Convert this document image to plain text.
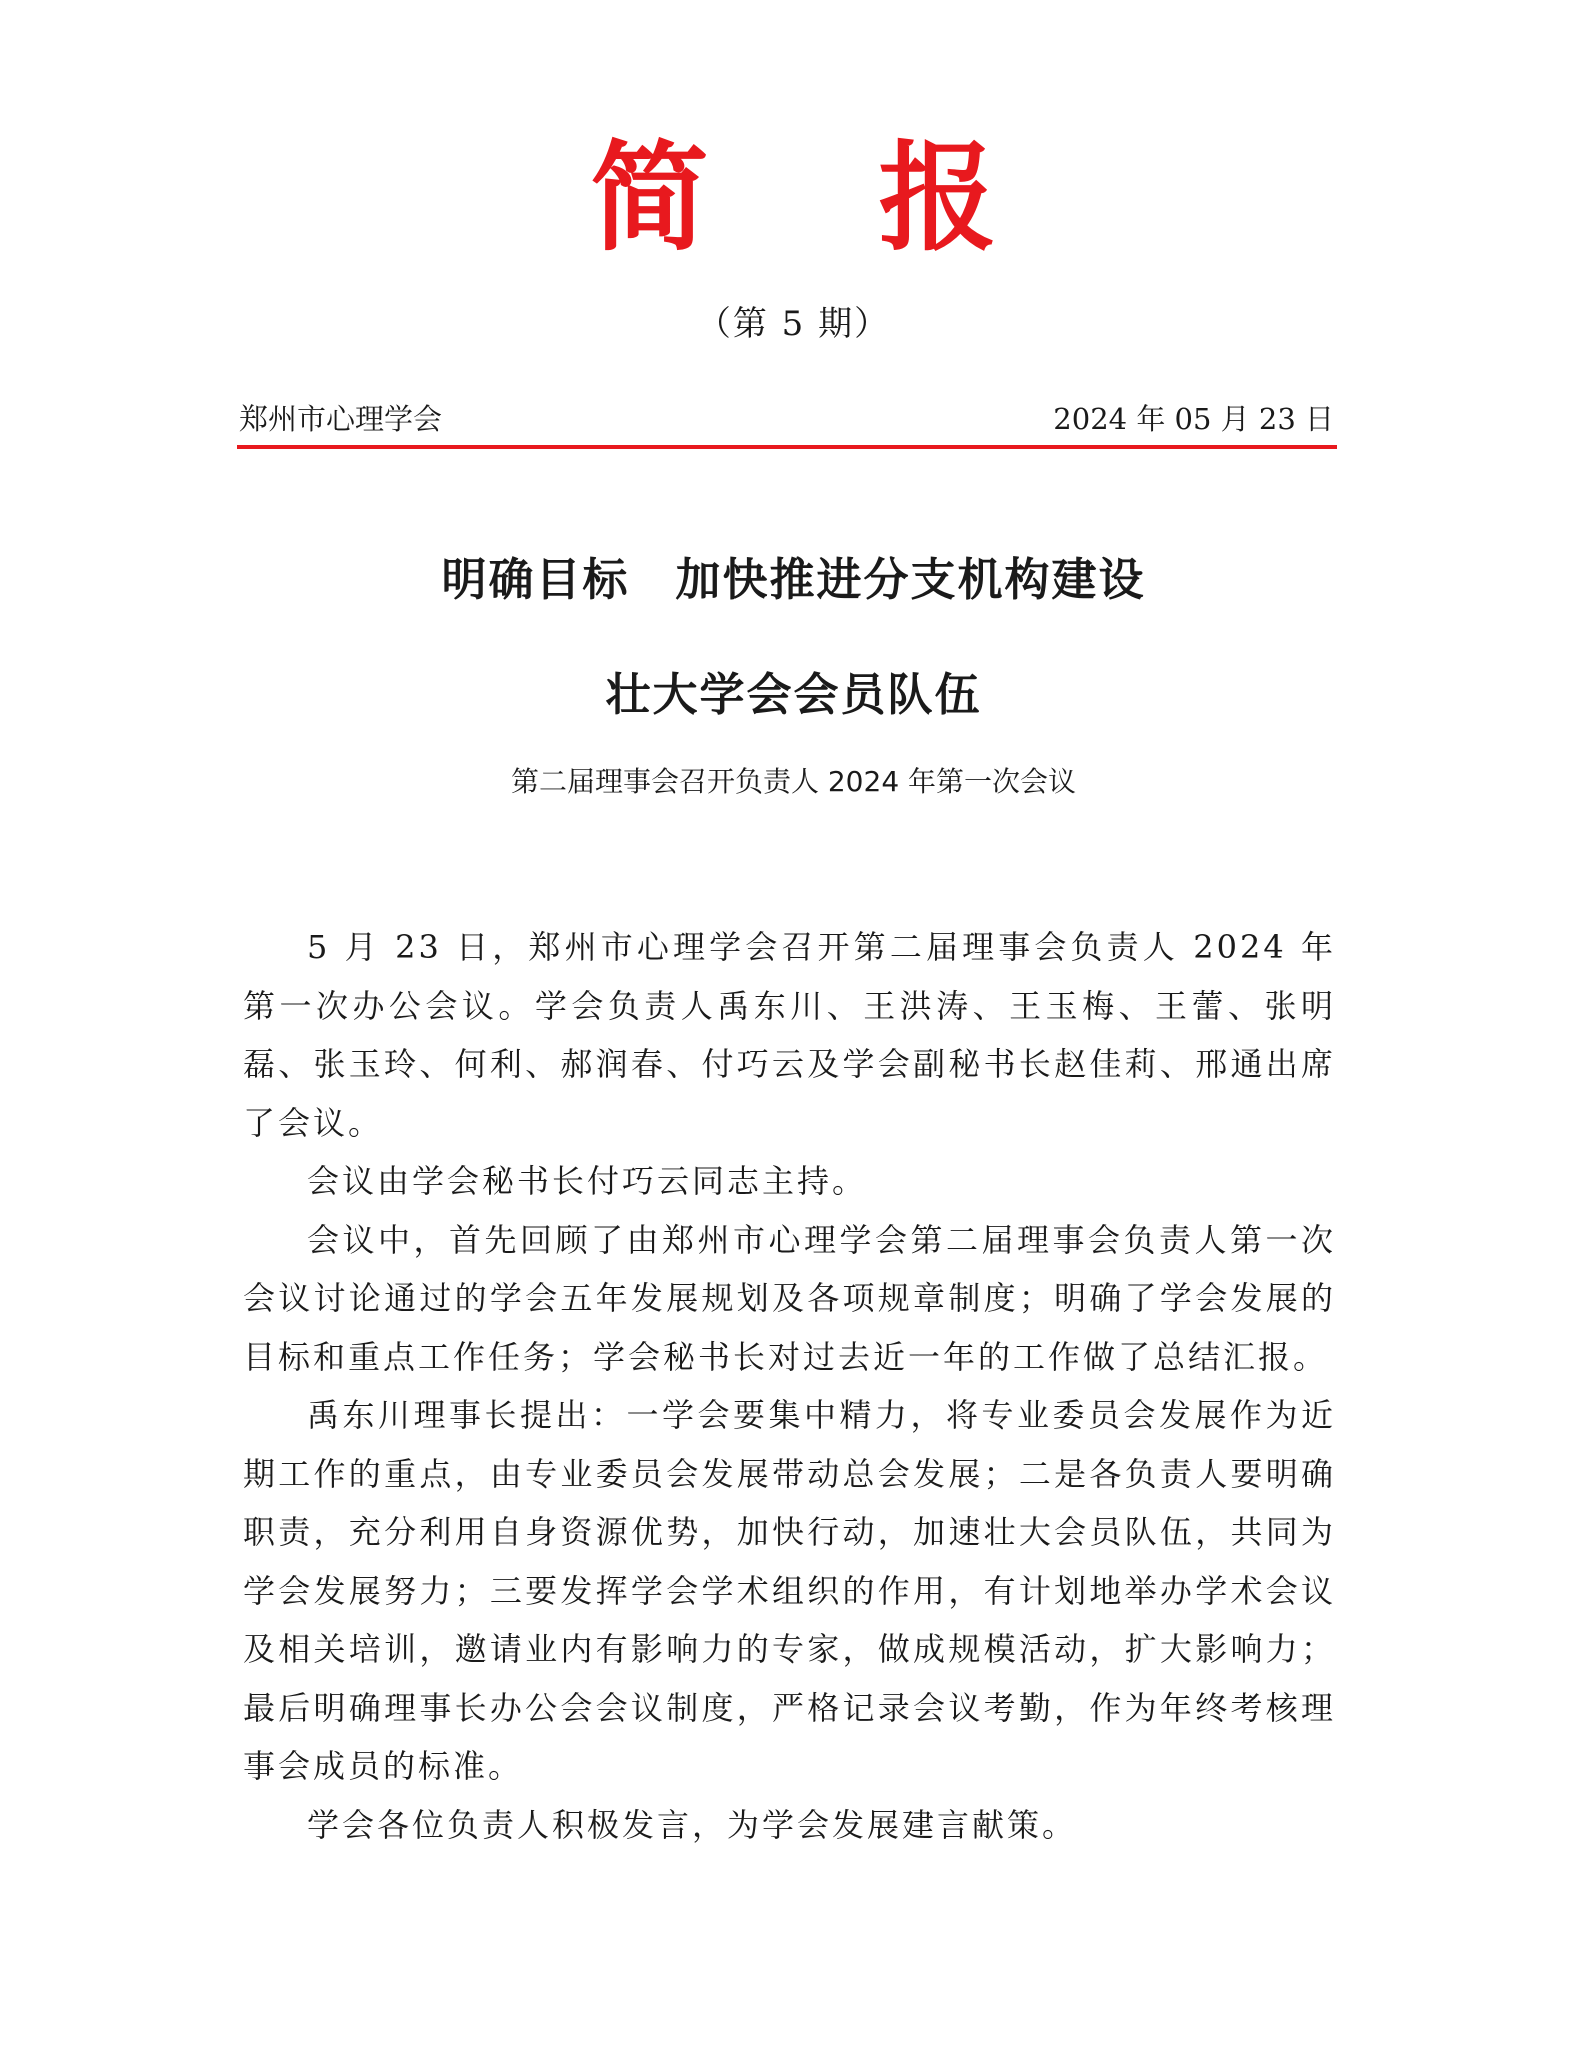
简 报
（第 5 期）
郑州市心理学会	2024 年 05 月 23 日
明确目标 加快推进分支机构建设
壮大学会会员队伍
第二届理事会召开负责人 2024 年第一次会议

5 月 23 日，郑州市心理学会召开第二届理事会负责人 2024 年第一次办公会议。学会负责人禹东川、王洪涛、王玉梅、王蕾、张明磊、张玉玲、何利、郝润春、付巧云及学会副秘书长赵佳莉、邢通出席了会议。

会议由学会秘书长付巧云同志主持。

会议中，首先回顾了由郑州市心理学会第二届理事会负责人第一次会议讨论通过的学会五年发展规划及各项规章制度；明确了学会发展的目标和重点工作任务；学会秘书长对过去近一年的工作做了总结汇报。

禹东川理事长提出：一学会要集中精力，将专业委员会发展作为近期工作的重点，由专业委员会发展带动总会发展；二是各负责人要明确职责，充分利用自身资源优势，加快行动，加速壮大会员队伍，共同为学会发展努力；三要发挥学会学术组织的作用，有计划地举办学术会议及相关培训，邀请业内有影响力的专家，做成规模活动，扩大影响力；最后明确理事长办公会会议制度，严格记录会议考勤，作为年终考核理事会成员的标准。

学会各位负责人积极发言，为学会发展建言献策。
